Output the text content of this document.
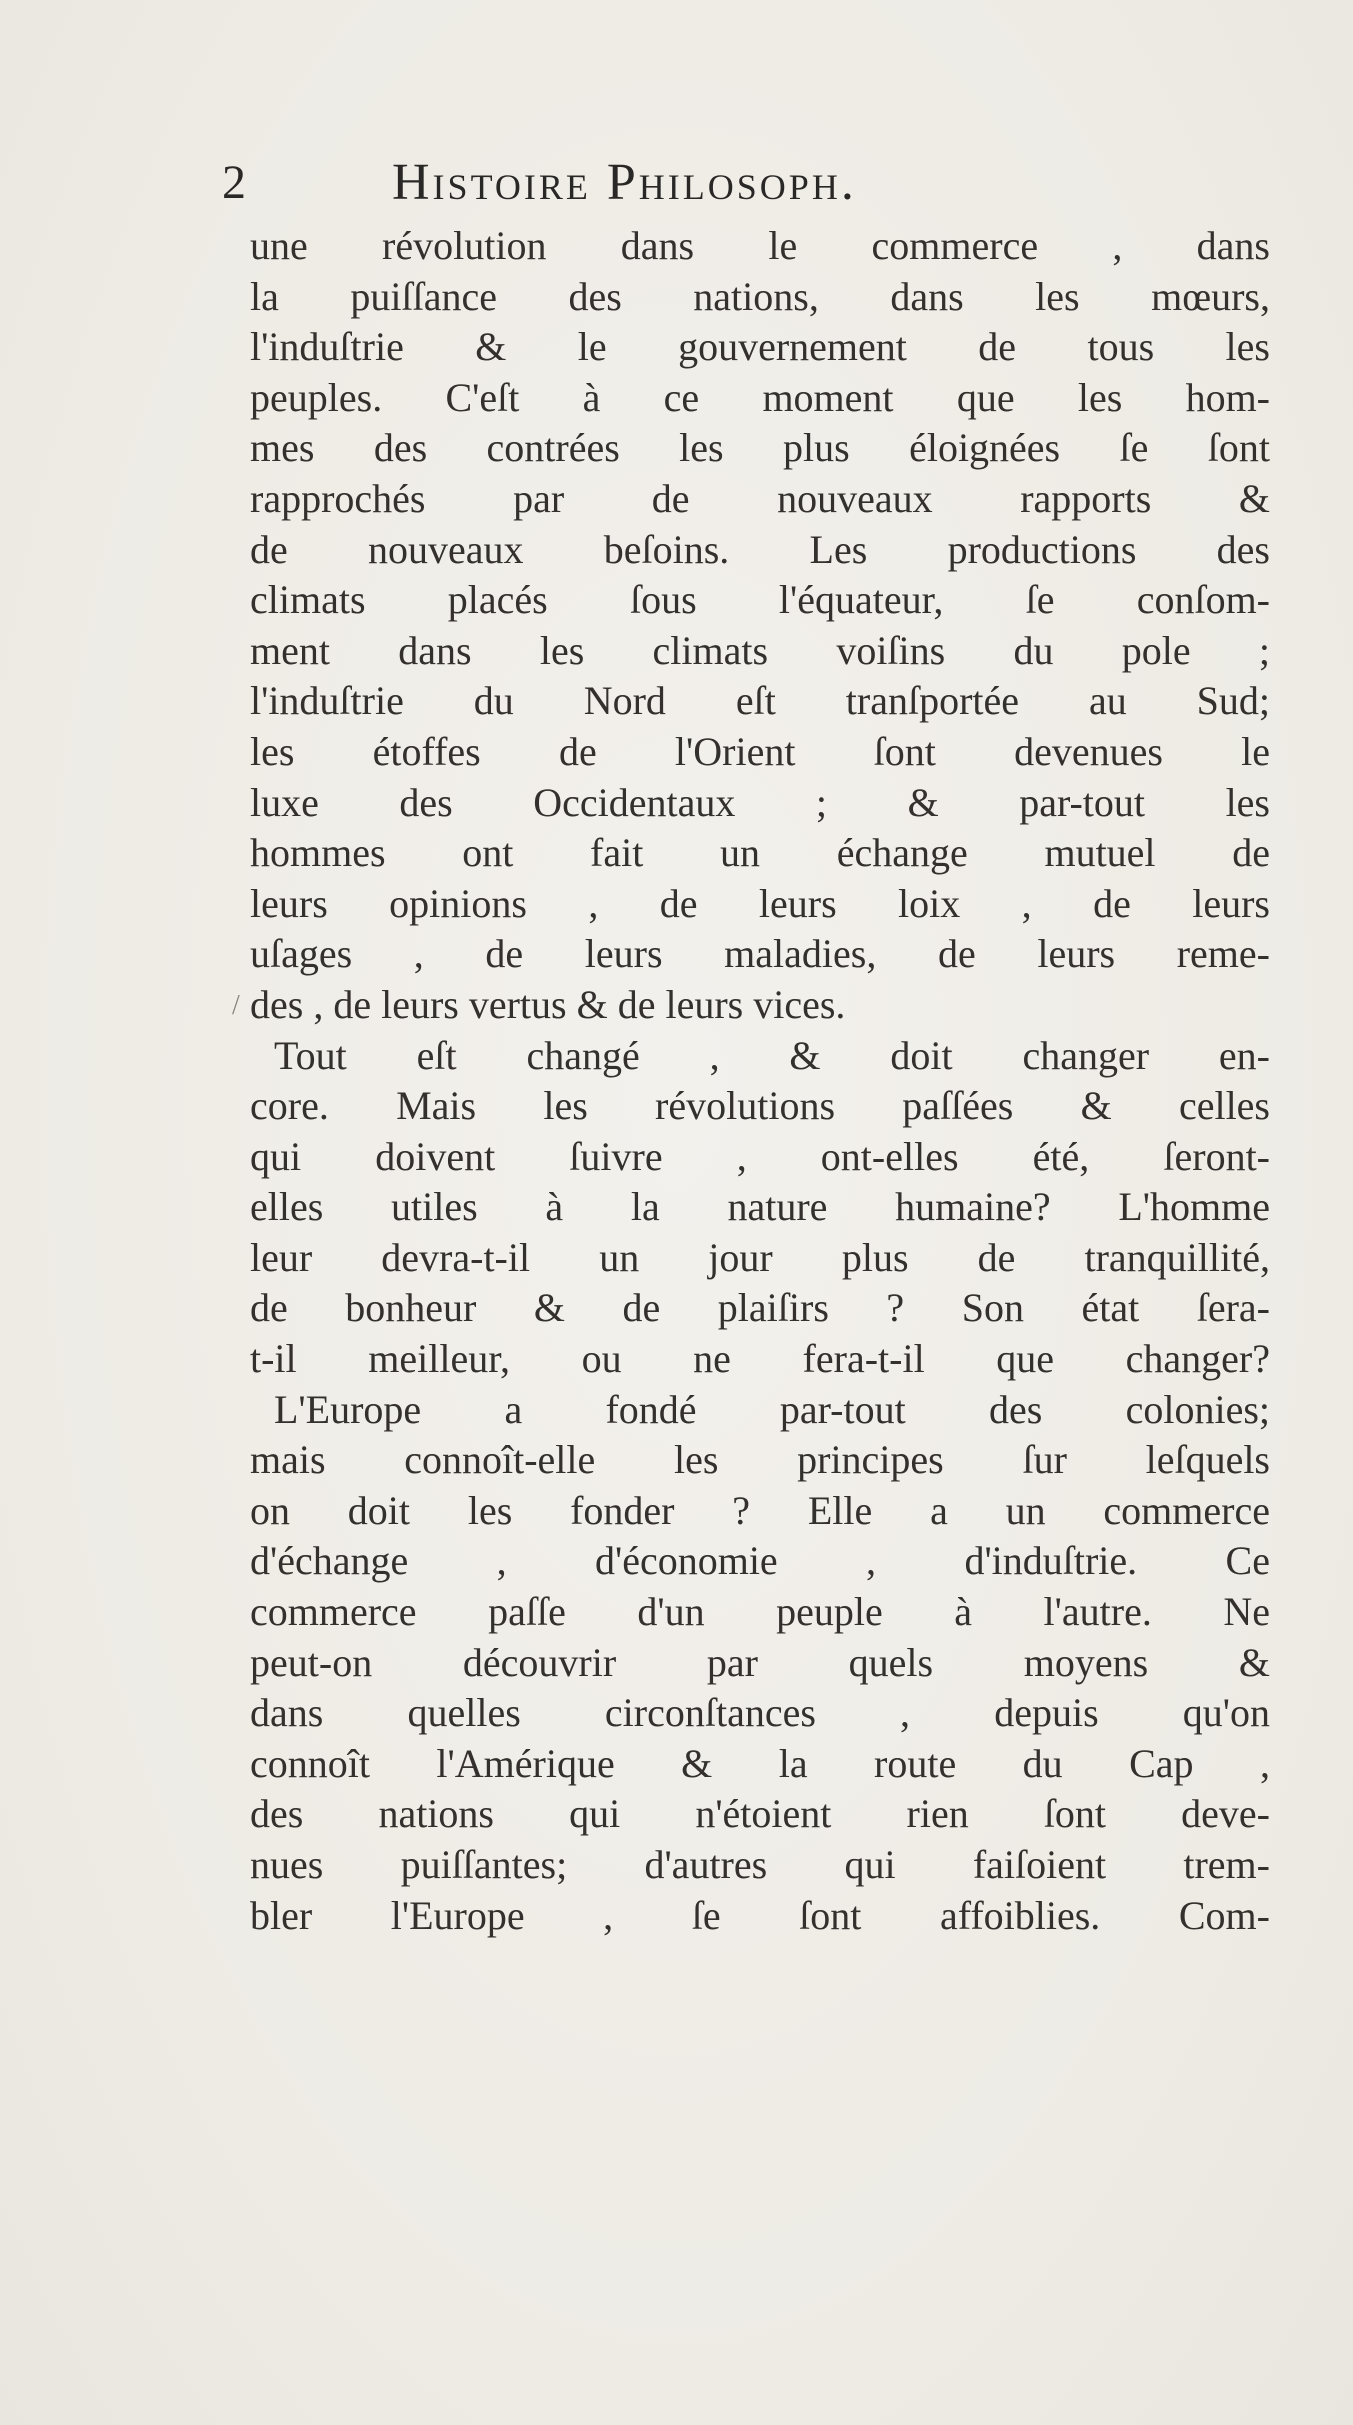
2	Histoire Philosoph.
une révolution dans le commerce , dans
la puiſſance des nations, dans les mœurs,
l'induſtrie & le gouvernement de tous les
peuples. C'eſt à ce moment que les hom-
mes des contrées les plus éloignées ſe ſont
rapprochés par de nouveaux rapports &
de nouveaux beſoins. Les productions des
climats placés ſous l'équateur, ſe conſom-
ment dans les climats voiſins du pole ;
l'induſtrie du Nord eſt tranſportée au Sud;
les étoffes de l'Orient ſont devenues le
luxe des Occidentaux ; & par-tout les
hommes ont fait un échange mutuel de
leurs opinions , de leurs loix , de leurs
uſages , de leurs maladies, de leurs reme-
des , de leurs vertus & de leurs vices.
Tout eſt changé , & doit changer en-
core. Mais les révolutions paſſées & celles
qui doivent ſuivre , ont-elles été, ſeront-
elles utiles à la nature humaine? L'homme
leur devra-t-il un jour plus de tranquillité,
de bonheur & de plaiſirs ? Son état ſera-
t-il meilleur, ou ne fera-t-il que changer?
L'Europe a fondé par-tout des colonies;
mais connoît-elle les principes ſur leſquels
on doit les fonder ? Elle a un commerce
d'échange , d'économie , d'induſtrie. Ce
commerce paſſe d'un peuple à l'autre. Ne
peut-on découvrir par quels moyens &
dans quelles circonſtances , depuis qu'on
connoît l'Amérique & la route du Cap ,
des nations qui n'étoient rien ſont deve-
nues puiſſantes; d'autres qui faiſoient trem-
bler l'Europe , ſe ſont affoiblies. Com-
/
